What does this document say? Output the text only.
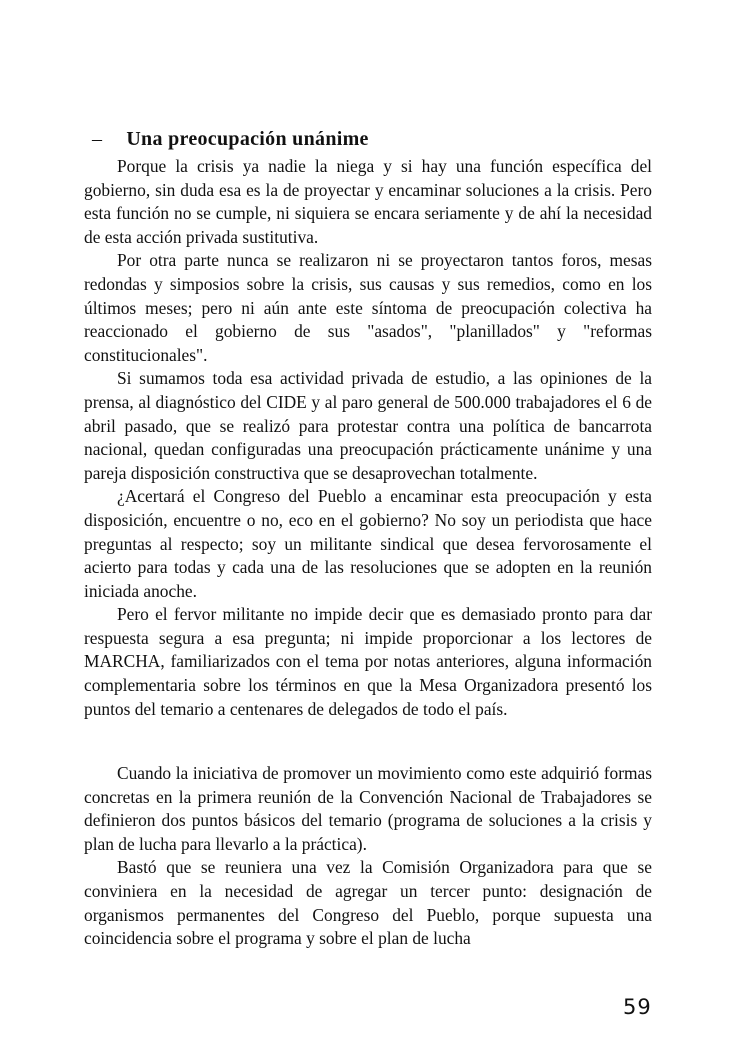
– Una preocupación unánime

Porque la crisis ya nadie la niega y si hay una función específica del gobierno, sin duda esa es la de proyectar y encaminar soluciones a la crisis. Pero esta función no se cumple, ni siquiera se encara seriamente y de ahí la necesidad de esta acción privada sustitutiva.

Por otra parte nunca se realizaron ni se proyectaron tantos foros, mesas redondas y simposios sobre la crisis, sus causas y sus remedios, como en los últimos meses; pero ni aún ante este síntoma de preocupación colectiva ha reaccionado el gobierno de sus "asados", "planillados" y "reformas constitucionales".

Si sumamos toda esa actividad privada de estudio, a las opiniones de la prensa, al diagnóstico del CIDE y al paro general de 500.000 trabajadores el 6 de abril pasado, que se realizó para protestar contra una política de bancarrota nacional, quedan configuradas una preocupación prácticamente unánime y una pareja disposición constructiva que se desaprovechan totalmente.

¿Acertará el Congreso del Pueblo a encaminar esta preocupación y esta disposición, encuentre o no, eco en el gobierno? No soy un periodista que hace preguntas al respecto; soy un militante sindical que desea fervorosamente el acierto para todas y cada una de las resoluciones que se adopten en la reunión iniciada anoche.

Pero el fervor militante no impide decir que es demasiado pronto para dar respuesta segura a esa pregunta; ni impide proporcionar a los lectores de MARCHA, familiarizados con el tema por notas anteriores, alguna información complementaria sobre los términos en que la Mesa Organizadora presentó los puntos del temario a centenares de delegados de todo el país.

Cuando la iniciativa de promover un movimiento como este adquirió formas concretas en la primera reunión de la Convención Nacional de Trabajadores se definieron dos puntos básicos del temario (programa de soluciones a la crisis y plan de lucha para llevarlo a la práctica).

Bastó que se reuniera una vez la Comisión Organizadora para que se conviniera en la necesidad de agregar un tercer punto: designación de organismos permanentes del Congreso del Pueblo, porque supuesta una coincidencia sobre el programa y sobre el plan de lucha

59
